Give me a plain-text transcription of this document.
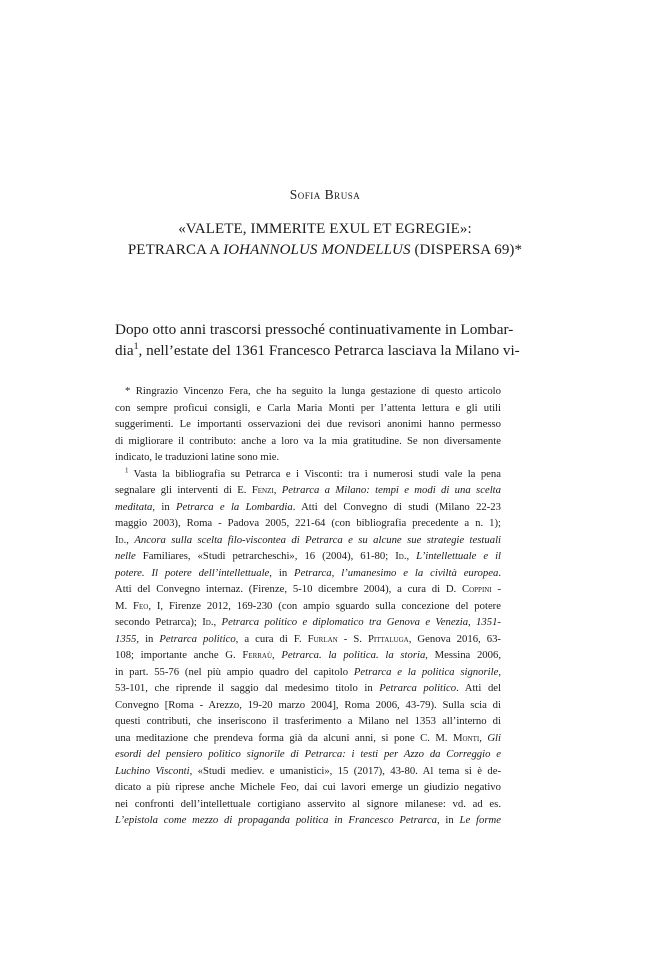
Sofia Brusa
«VALETE, IMMERITE EXUL ET EGREGIE»:
PETRARCA A IOHANNOLUS MONDELLUS (DISPERSA 69)*
Dopo otto anni trascorsi pressoché continuativamente in Lombar-
dia$^1$, nell’estate del 1361 Francesco Petrarca lasciava la Milano vi-
* Ringrazio Vincenzo Fera, che ha seguito la lunga gestazione di questo articolo
con sempre proficui consigli, e Carla Maria Monti per l’attenta lettura e gli utili
suggerimenti. Le importanti osservazioni dei due revisori anonimi hanno permesso
di migliorare il contributo: anche a loro va la mia gratitudine. Se non diversamente
indicato, le traduzioni latine sono mie.
$^1$ Vasta la bibliografia su Petrarca e i Visconti: tra i numerosi studi vale la pena
segnalare gli interventi di E. Fenzi, Petrarca a Milano: tempi e modi di una scelta
meditata, in Petrarca e la Lombardia. Atti del Convegno di studi (Milano 22-23
maggio 2003), Roma - Padova 2005, 221-64 (con bibliografia precedente a n. 1);
Id., Ancora sulla scelta filo-viscontea di Petrarca e su alcune sue strategie testuali
nelle Familiares, «Studi petrarcheschi», 16 (2004), 61-80; Id., L’intellettuale e il
potere. Il potere dell’intellettuale, in Petrarca, l’umanesimo e la civiltà europea.
Atti del Convegno internaz. (Firenze, 5-10 dicembre 2004), a cura di D. Coppini -
M. Feo, I, Firenze 2012, 169-230 (con ampio sguardo sulla concezione del potere
secondo Petrarca); Id., Petrarca politico e diplomatico tra Genova e Venezia, 1351-
1355, in Petrarca politico, a cura di F. Furlan - S. Pittaluga, Genova 2016, 63-
108; importante anche G. Ferraù, Petrarca. la politica. la storia, Messina 2006,
in part. 55-76 (nel più ampio quadro del capitolo Petrarca e la politica signorile,
53-101, che riprende il saggio dal medesimo titolo in Petrarca politico. Atti del
Convegno [Roma - Arezzo, 19-20 marzo 2004], Roma 2006, 43-79). Sulla scia di
questi contributi, che inseriscono il trasferimento a Milano nel 1353 all’interno di
una meditazione che prendeva forma già da alcuni anni, si pone C. M. Monti, Gli
esordi del pensiero politico signorile di Petrarca: i testi per Azzo da Correggio e
Luchino Visconti, «Studi mediev. e umanistici», 15 (2017), 43-80. Al tema si è de-
dicato a più riprese anche Michele Feo, dai cui lavori emerge un giudizio negativo
nei confronti dell’intellettuale cortigiano asservito al signore milanese: vd. ad es.
L’epistola come mezzo di propaganda politica in Francesco Petrarca, in Le forme
